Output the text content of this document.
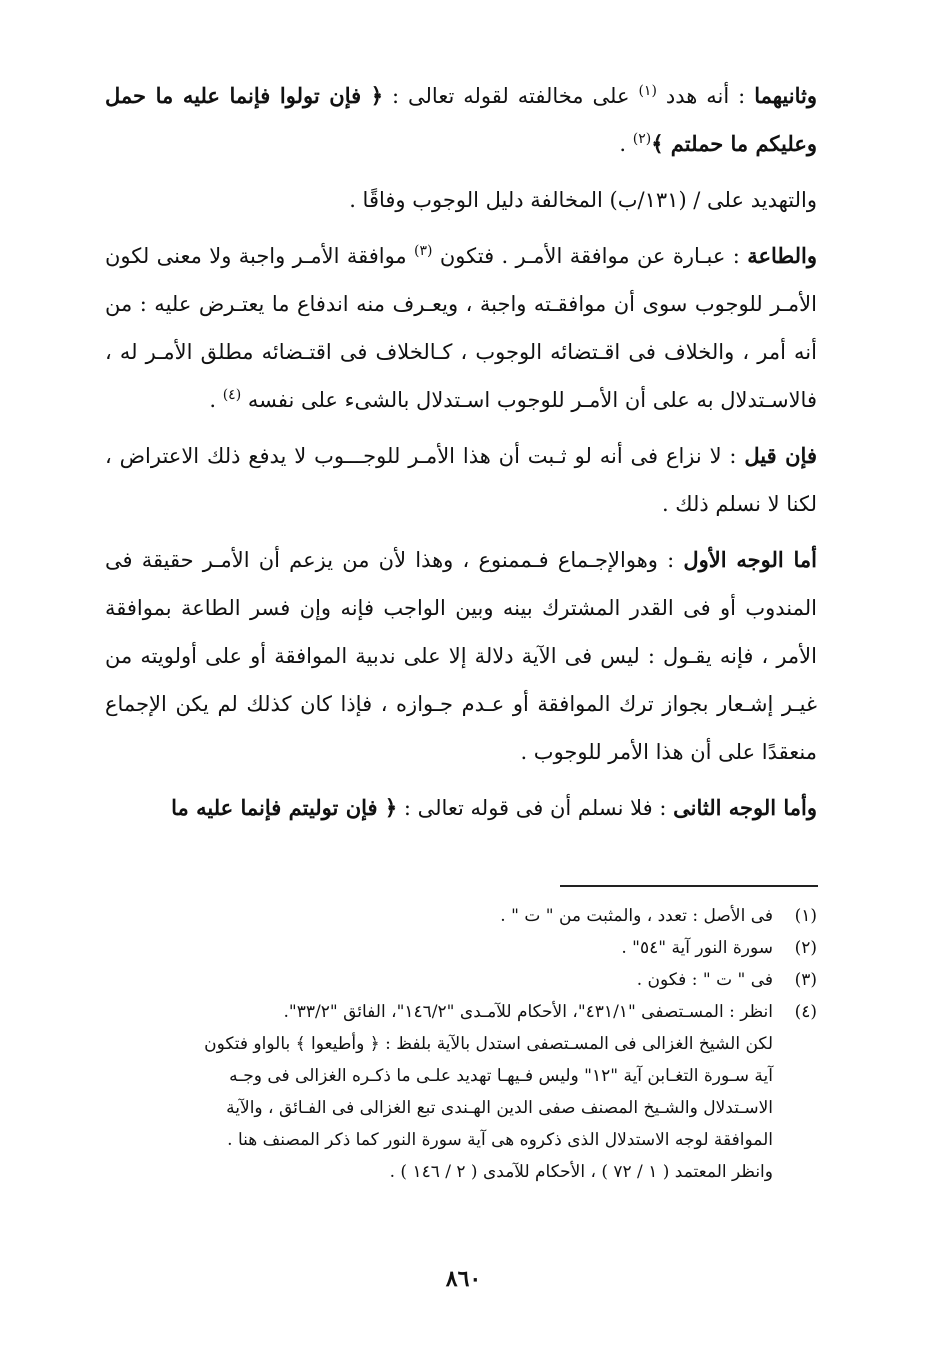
وثانيهما : أنه هدد $^{(١)}$ على مخالفته لقوله تعالى : ﴿ فإن تولوا فإنما عليه ما حمل وعليكم ما حملتم ﴾$^{(٢)}$ .

والتهديد على / (١٣١/ب) المخالفة دليل الوجوب وفاقًا .

والطاعة : عبـارة عن موافقة الأمـر . فتكون $^{(٣)}$ موافقة الأمـر واجبة ولا معنى لكون الأمـر للوجوب سوى أن موافقـته واجبة ، ويعـرف منه اندفاع ما يعتـرض عليه : من أنه أمر ، والخلاف فى اقـتضائه الوجوب ، كـالخلاف فى اقتـضائه مطلق الأمـر له ، فالاسـتدلال به على أن الأمـر للوجوب اسـتدلال بالشىء على نفسه $^{(٤)}$ .

فإن قيل : لا نزاع فى أنه لو ثـبت أن هذا الأمـر للوجـــوب لا يدفع ذلك الاعتراض ، لكنا لا نسلم ذلك .

أما الوجه الأول : وهوالإجـماع فـممنوع ، وهذا لأن من يزعم أن الأمـر حقيقة فى المندوب أو فى القدر المشترك بينه وبين الواجب فإنه وإن فسر الطاعة بموافقة الأمر ، فإنه يقـول : ليس فى الآية دلالة إلا على ندبية الموافقة أو على أولويته من غيـر إشـعار بجواز ترك الموافقة أو عـدم جـوازه ، فإذا كان كذلك لم يكن الإجماع منعقدًا على أن هذا الأمر للوجوب .

وأما الوجه الثانى : فلا نسلم أن فى قوله تعالى : ﴿ فإن توليتم فإنما عليه ما

(١)
فى الأصل : تعدد ، والمثبت من " ت " .
(٢)
سورة النور آية "٥٤" .
(٣)
فى " ت " : فكون .
(٤)
انظر : المسـتصفى "٤٣١/١"، الأحكام للآمـدى "١٤٦/٢"، الفائق "٣٣/٢".
لكن الشيخ الغزالى فى المسـتصفى استدل بالآية بلفظ : ﴿ وأطيعوا ﴾ بالواو فتكون
آية سـورة التغـابن آية "١٢" وليس فـيهـا تهديد علـى ما ذكـره الغزالى فى وجـه
الاسـتدلال والشـيخ المصنف صفى الدين الهـندى تبع الغزالى فى الفـائق ، والآية
الموافقة لوجه الاستدلال الذى ذكروه هى آية سورة النور كما ذكر المصنف هنا .
وانظر المعتمد ( ١ / ٧٢ ) ، الأحكام للآمدى ( ٢ / ١٤٦ ) .
٨٦٠
